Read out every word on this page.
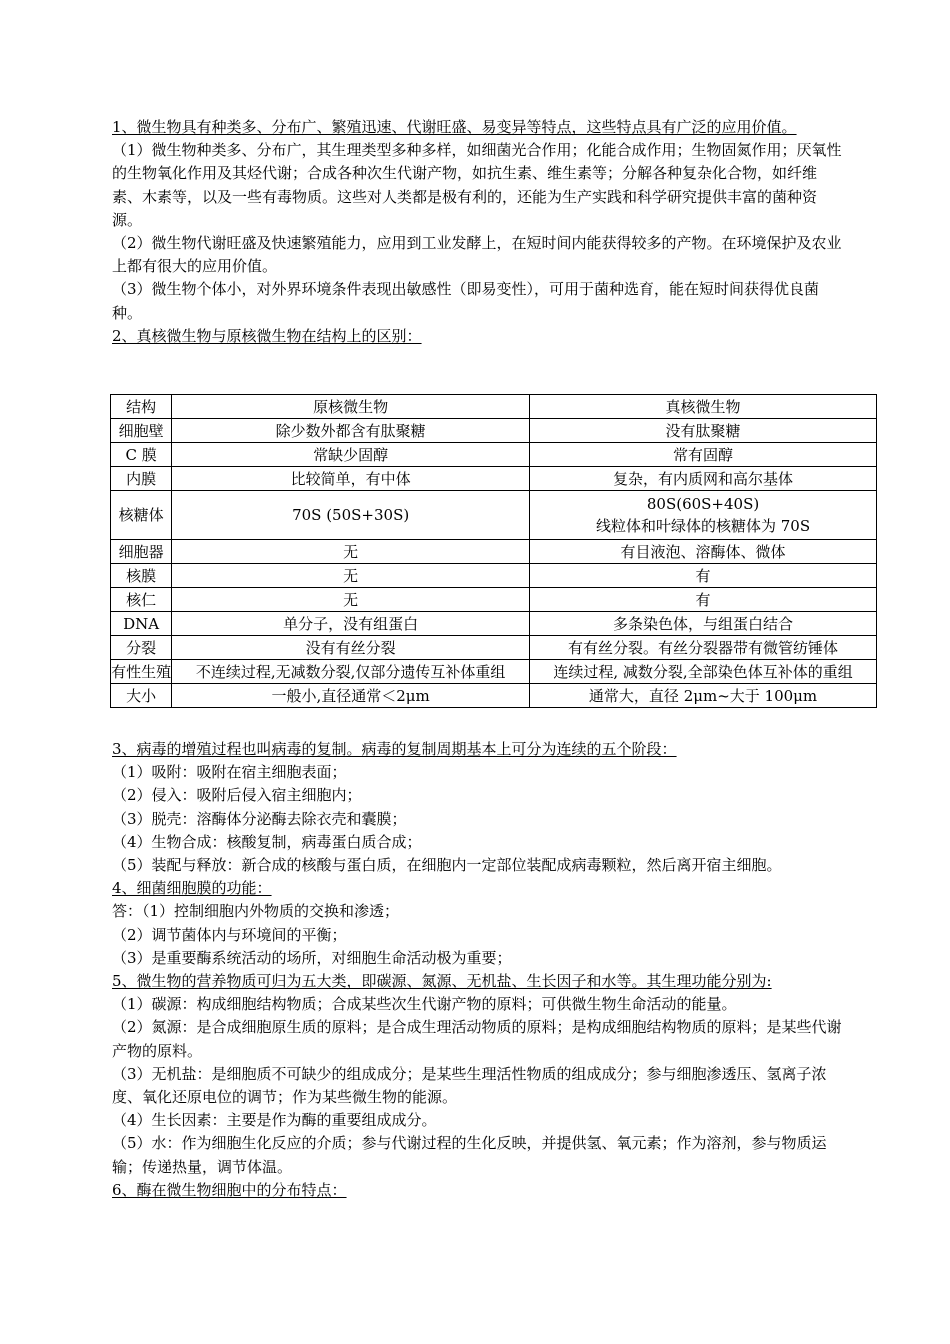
1、微生物具有种类多、分布广、繁殖迅速、代谢旺盛、易变异等特点，这些特点具有广泛的应用价值。

（1）微生物种类多、分布广，其生理类型多种多样，如细菌光合作用；化能合成作用；生物固氮作用；厌氧性的生物氧化作用及其烃代谢；合成各种次生代谢产物，如抗生素、维生素等；分解各种复杂化合物，如纤维素、木素等，以及一些有毒物质。这些对人类都是极有利的，还能为生产实践和科学研究提供丰富的菌种资源。

（2）微生物代谢旺盛及快速繁殖能力，应用到工业发酵上，在短时间内能获得较多的产物。在环境保护及农业上都有很大的应用价值。

（3）微生物个体小，对外界环境条件表现出敏感性（即易变性），可用于菌种选育，能在短时间获得优良菌种。

2、真核微生物与原核微生物在结构上的区别：

结构	原核微生物	真核微生物
细胞壁	除少数外都含有肽聚糖	没有肽聚糖
C 膜	常缺少固醇	常有固醇
内膜	比较简单，有中体	复杂，有内质网和高尔基体
核糖体	70S (50S+30S)	80S(60S+40S)
线粒体和叶绿体的核糖体为 70S

细胞器	无	有目液泡、溶酶体、微体
核膜	无	有
核仁	无	有
DNA	单分子，没有组蛋白	多条染色体，与组蛋白结合
分裂	没有有丝分裂	有有丝分裂。有丝分裂器带有微管纺锤体
有性生殖	不连续过程,无减数分裂,仅部分遗传互补体重组	连续过程, 减数分裂,全部染色体互补体的重组
大小	一般小,直径通常＜2μm	通常大，直径 2μm~大于 100μm

3、病毒的增殖过程也叫病毒的复制。病毒的复制周期基本上可分为连续的五个阶段：

（1）吸附：吸附在宿主细胞表面；

（2）侵入：吸附后侵入宿主细胞内；

（3）脱壳：溶酶体分泌酶去除衣壳和囊膜；

（4）生物合成：核酸复制，病毒蛋白质合成；

（5）装配与释放：新合成的核酸与蛋白质，在细胞内一定部位装配成病毒颗粒，然后离开宿主细胞。

4、细菌细胞膜的功能：

答：（1）控制细胞内外物质的交换和渗透；

（2）调节菌体内与环境间的平衡；

（3）是重要酶系统活动的场所，对细胞生命活动极为重要；

5、微生物的营养物质可归为五大类，即碳源、氮源、无机盐、生长因子和水等。其生理功能分别为:

（1）碳源：构成细胞结构物质；合成某些次生代谢产物的原料；可供微生物生命活动的能量。

（2）氮源：是合成细胞原生质的原料；是合成生理活动物质的原料；是构成细胞结构物质的原料；是某些代谢产物的原料。

（3）无机盐：是细胞质不可缺少的组成成分；是某些生理活性物质的组成成分；参与细胞渗透压、氢离子浓度、氧化还原电位的调节；作为某些微生物的能源。

（4）生长因素：主要是作为酶的重要组成成分。

（5）水：作为细胞生化反应的介质；参与代谢过程的生化反映，并提供氢、氧元素；作为溶剂，参与物质运输；传递热量，调节体温。

6、酶在微生物细胞中的分布特点：
